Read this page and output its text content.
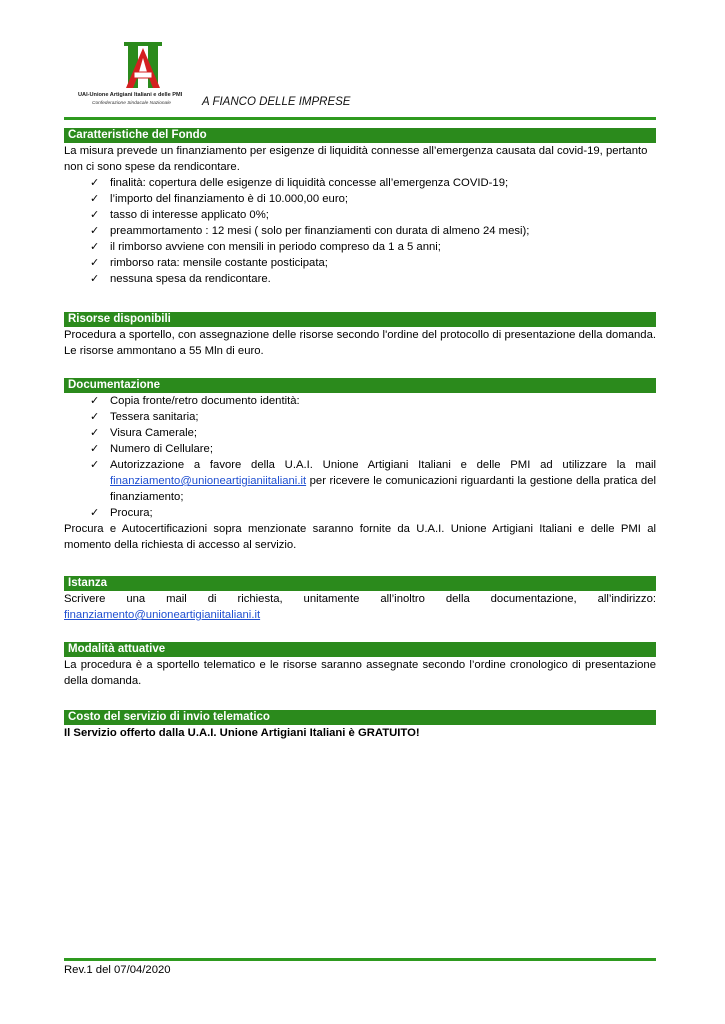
UAI-Unione Artigiani Italiani e delle PMI
Confederazione Sindacale Nazionale	A FIANCO DELLE IMPRESE
Caratteristiche del Fondo

La misura prevede un finanziamento per esigenze di liquidità connesse all’emergenza causata dal covid-19, pertanto non ci sono spese da rendicontare.

✓ finalità: copertura delle esigenze di liquidità concesse all’emergenza COVID-19;
✓ l’importo del finanziamento è di 10.000,00 euro;
✓ tasso di interesse applicato 0%;
✓ preammortamento : 12 mesi ( solo per finanziamenti con durata di almeno 24 mesi);
✓ il rimborso avviene con mensili in periodo compreso da 1 a 5 anni;
✓ rimborso rata: mensile costante posticipata;
✓ nessuna spesa da rendicontare.
Risorse disponibili

Procedura a sportello, con assegnazione delle risorse secondo l'ordine del protocollo di presentazione della domanda. Le risorse ammontano a 55 Mln di euro.

Documentazione
✓ Copia fronte/retro documento identità:
✓ Tessera sanitaria;
✓ Visura Camerale;
✓ Numero di Cellulare;
✓ Autorizzazione a favore della U.A.I. Unione Artigiani Italiani e delle PMI ad utilizzare la mail finanziamento@unioneartigianiitaliani.it per ricevere le comunicazioni riguardanti la gestione della pratica del finanziamento;
✓ Procura;

Procura e Autocertificazioni sopra menzionate saranno fornite da U.A.I. Unione Artigiani Italiani e delle PMI al momento della richiesta di accesso al servizio.

Istanza

Scrivere una mail di richiesta, unitamente all’inoltro della documentazione, all’indirizzo:

finanziamento@unioneartigianiitaliani.it

Modalità attuative

La procedura è a sportello telematico e le risorse saranno assegnate secondo l’ordine cronologico di presentazione della domanda.

Costo del servizio di invio telematico

Il Servizio offerto dalla U.A.I. Unione Artigiani Italiani è GRATUITO!

Rev.1 del 07/04/2020
